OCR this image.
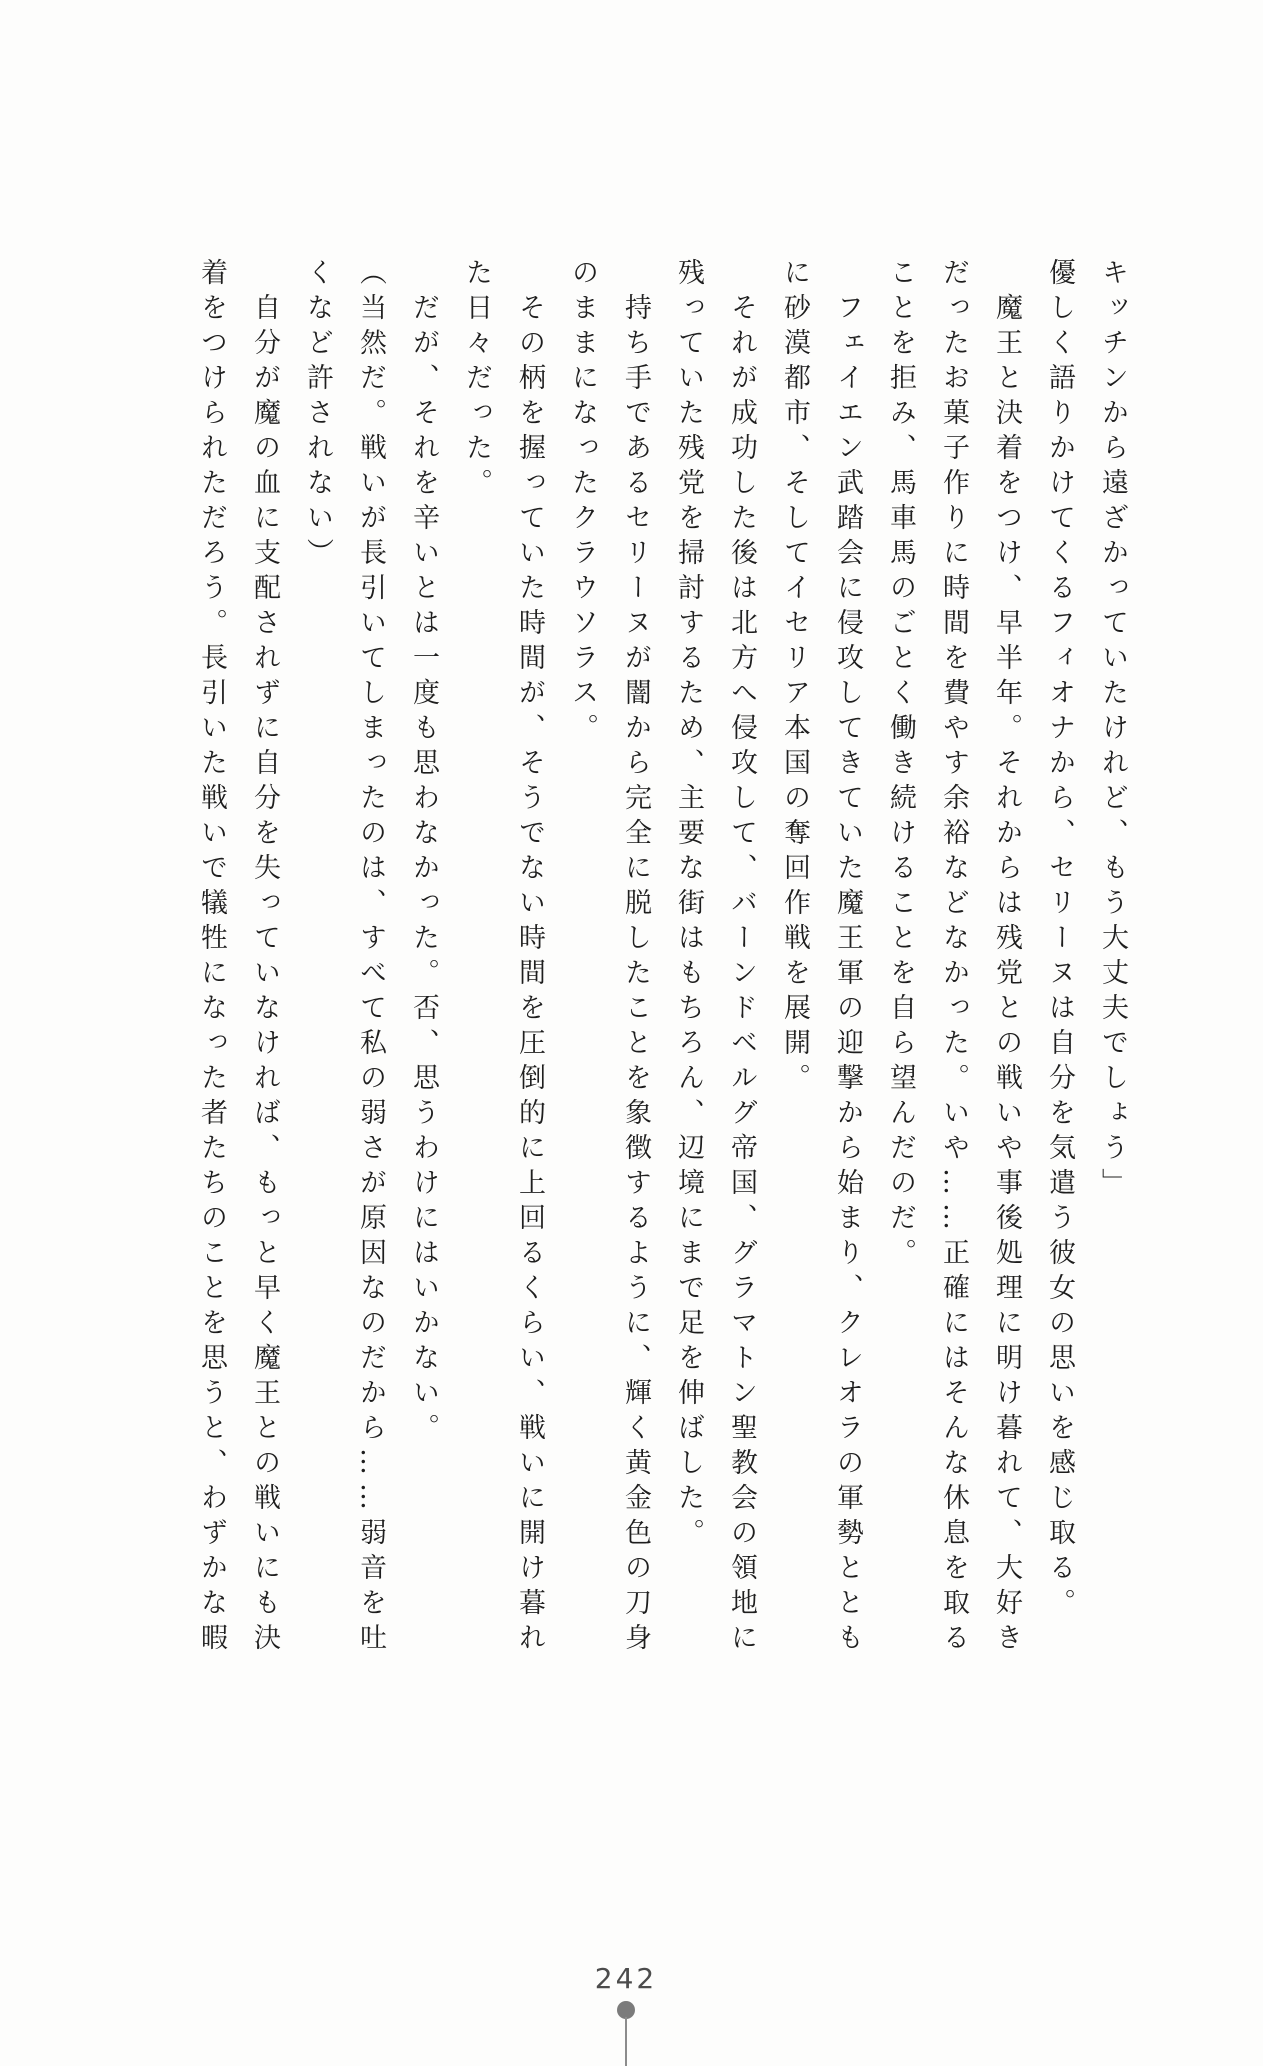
キッチンから遠ざかっていたけれど、もう大丈夫でしょう」
優しく語りかけてくるフィオナから、セリーヌは自分を気遣う彼女の思いを感じ取る。
魔王と決着をつけ、早半年。それからは残党との戦いや事後処理に明け暮れて、大好き
だったお菓子作りに時間を費やす余裕などなかった。いや……正確にはそんな休息を取る
ことを拒み、馬車馬のごとく働き続けることを自ら望んだのだ。
フェイエン武踏会に侵攻してきていた魔王軍の迎撃から始まり、クレオラの軍勢ととも
に砂漠都市、そしてイセリア本国の奪回作戦を展開。
それが成功した後は北方へ侵攻して、バーンドベルグ帝国、グラマトン聖教会の領地に
残っていた残党を掃討するため、主要な街はもちろん、辺境にまで足を伸ばした。
持ち手であるセリーヌが闇から完全に脱したことを象徴するように、輝く黄金色の刀身
のままになったクラウソラス。
その柄を握っていた時間が、そうでない時間を圧倒的に上回るくらい、戦いに開け暮れ
た日々だった。
だが、それを辛いとは一度も思わなかった。否、思うわけにはいかない。
（当然だ。戦いが長引いてしまったのは、すべて私の弱さが原因なのだから……弱音を吐
くなど許されない）
自分が魔の血に支配されずに自分を失っていなければ、もっと早く魔王との戦いにも決
着をつけられただろう。長引いた戦いで犠牲になった者たちのことを思うと、わずかな暇
242
